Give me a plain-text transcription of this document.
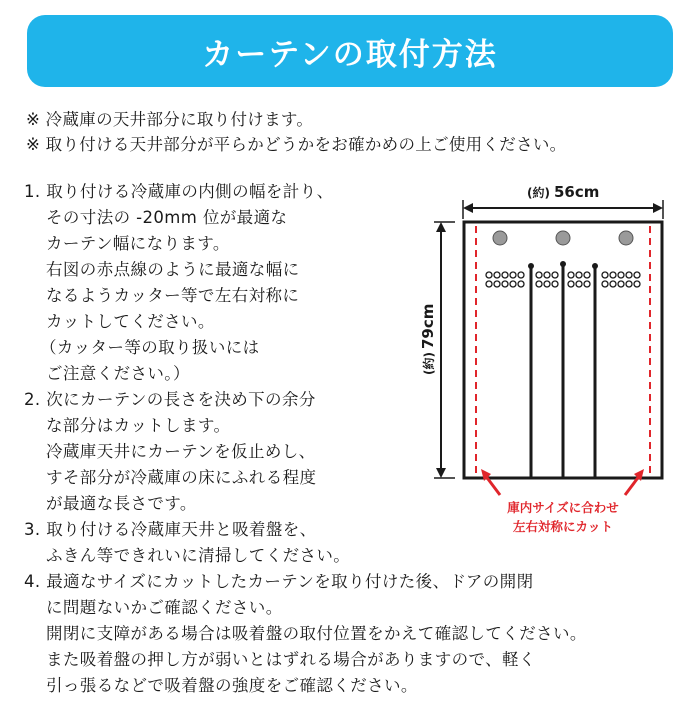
カーテンの取付方法
※ 冷蔵庫の天井部分に取り付けます。
※ 取り付ける天井部分が平らかどうかをお確かめの上ご使用ください。
1. 取り付ける冷蔵庫の内側の幅を計り、
その寸法の -20mm 位が最適な
カーテン幅になります。
右図の赤点線のように最適な幅に
なるようカッター等で左右対称に
カットしてください。
（カッター等の取り扱いには
ご注意ください。）
2. 次にカーテンの長さを決め下の余分
な部分はカットします。
冷蔵庫天井にカーテンを仮止めし、
すそ部分が冷蔵庫の床にふれる程度
が最適な長さです。
3. 取り付ける冷蔵庫天井と吸着盤を、
ふきん等できれいに清掃してください。
4. 最適なサイズにカットしたカーテンを取り付けた後、ドアの開閉
に問題ないかご確認ください。
開閉に支障がある場合は吸着盤の取付位置をかえて確認してください。
また吸着盤の押し方が弱いとはずれる場合がありますので、軽く
引っ張るなどで吸着盤の強度をご確認ください。
(約) 56cm
(約)
79cm
庫内サイズに合わせ
左右対称にカット
